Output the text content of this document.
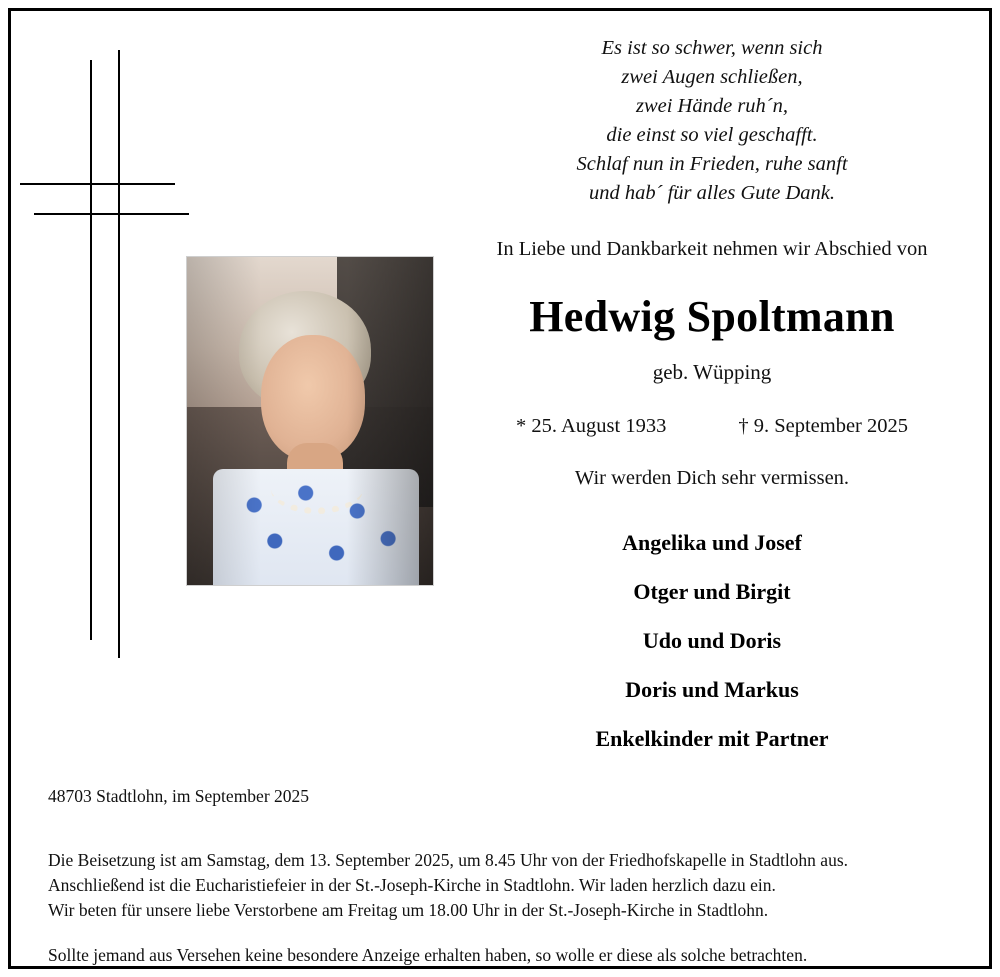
Es ist so schwer, wenn sich
zwei Augen schließen,
zwei Hände ruh´n,
die einst so viel geschafft.
Schlaf nun in Frieden, ruhe sanft
und hab´ für alles Gute Dank.
In Liebe und Dankbarkeit nehmen wir Abschied von
Hedwig Spoltmann
geb. Wüpping
* 25. August 1933	† 9. September 2025
Wir werden Dich sehr vermissen.
Angelika und Josef
Otger und Birgit
Udo und Doris
Doris und Markus
Enkelkinder mit Partner
48703 Stadtlohn, im September 2025
Die Beisetzung ist am Samstag, dem 13. September 2025, um 8.45 Uhr von der Friedhofskapelle in Stadtlohn aus.
Anschließend ist die Eucharistiefeier in der St.-Joseph-Kirche in Stadtlohn. Wir laden herzlich dazu ein.
Wir beten für unsere liebe Verstorbene am Freitag um 18.00 Uhr in der St.-Joseph-Kirche in Stadtlohn.
Sollte jemand aus Versehen keine besondere Anzeige erhalten haben, so wolle er diese als solche betrachten.
